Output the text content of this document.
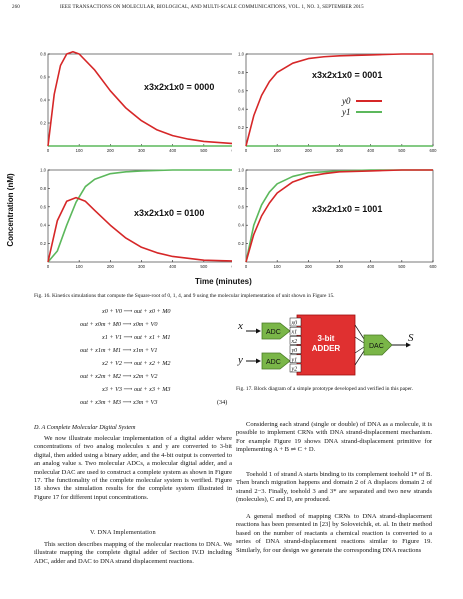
260	IEEE TRANSACTIONS ON MOLECULAR, BIOLOGICAL, AND MULTI-SCALE COMMUNICATIONS, VOL. 1, NO. 3, SEPTEMBER 2015
Concentration (nM)
0	100	200	300	400	500
0.2
0.4
0.6
0.8
x3x2x1x0 = 0000
0	100	200	300	400	500	600
0.2
0.4
0.6
0.8
1.0
x3x2x1x0 = 0001
y0
y1
0	100	200	300	400	500
0.2
0.4
0.6
0.8
1.0
x3x2x1x0 = 0100
0	100	200	300	400	500	600
0.2
0.4
0.6
0.8
1.0
x3x2x1x0 = 1001
Time (minutes)
Fig. 16. Kinetics simulations that compute the Square-root of 0, 1, 4, and 9 using the molecular implementation of unit shown in Figure 15.
x0 + V0 ⟶ out + x0 + M0
out + x0m + M0 ⟶ x0m + V0
x1 + V1 ⟶ out + x1 + M1
out + x1m + M1 ⟶ x1m + V1
x2 + V2 ⟶ out + x2 + M2
out + x2m + M2 ⟶ x2m + V2
x3 + V3 ⟶ out + x3 + M3
out + x3m + M3 ⟶ x3m + V3	(34)
x
y
ADC
ADC
3-bit
ADDER
x0
x1
x2
y0
y1
y2
DAC
S
Fig. 17. Block diagram of a simple prototype developed and verified in this paper.
D. A Complete Molecular Digital System
We now illustrate molecular implementation of a digital adder where concentrations of two analog molecules x and y are converted to 3-bit digital, then added using a binary adder, and the 4-bit output is converted to an analog value s. Two molecular ADCs, a molecular digital adder, and a molecular DAC are used to construct a complete system as shown in Figure 17. The functionality of the complete molecular system is verified. Figure 18 shows the simulation results for the complete system illustrated in Figure 17 for different input concentrations.
V. DNA Implementation
This section describes mapping of the molecular reactions to DNA. We illustrate mapping the complete digital adder of Section IV.D including ADC, adder and DAC to DNA strand displacement reactions.
Considering each strand (single or double) of DNA as a molecule, it is possible to implement CRNs with DNA strand-displacement mechanism. For example Figure 19 shows DNA strand-displacement primitive for implementing A + B ⇌ C + D.
Toehold 1 of strand A starts binding to its complement toehold 1* of B. Then branch migration happens and domain 2 of A displaces domain 2 of strand 2−3. Finally, toehold 3 and 3* are separated and two new strands (molecules), C and D, are produced.
A general method of mapping CRNs to DNA strand-displacement reactions has been presented in [23] by Soloveichik, et. al. In their method based on the number of reactants a chemical reaction is converted to a series of DNA strand-displacement reactions similar to Figure 19. Similarly, for our design we generate the corresponding DNA reactions
